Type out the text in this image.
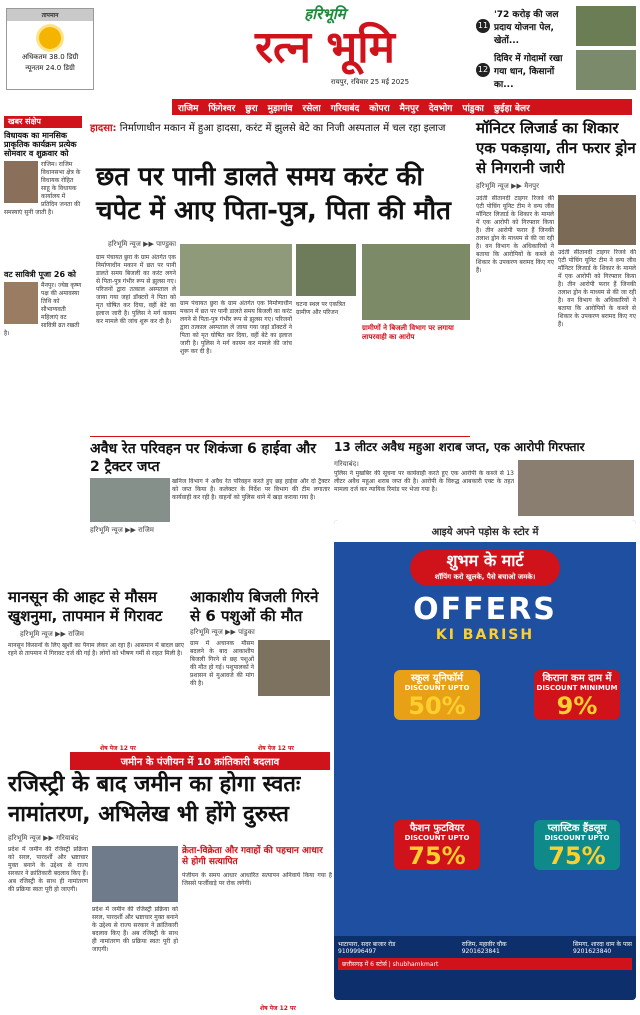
तापमान
अधिकतम 38.0 डिग्री
न्यूनतम 24.0 डिग्री
हरिभूमि
रत्न भूमि
रायपुर, रविवार 25 मई 2025
11
'72 करोड़ की जल प्रदाय योजना पेल, खेतों...
12
दिविर में गोदामों रखा गया धान, किसानों का...
राजिम फिंगेश्वर छुरा मुड़ागांव रसेला गरियाबंद कोपरा मैनपुर देवभोग पांडुका छुईहा बेलर
खबर संक्षेप
विधायक का मानसिक प्राकृतिक कार्यक्रम प्रत्येक सोमवार व शुक्रवार को

राजिम। राजिम विधानसभा क्षेत्र के विधायक रोहित साहू के विधायक कार्यालय में प्रतिदिन जनता की समस्याएं सुनी जाती है।

वट सावित्री पूजा 26 को

मैनपुर। ज्येष्ठ कृष्ण पक्ष की अमावस्या तिथि को सौभाग्यवती महिलाएं वट सावित्री व्रत रखती है।

हादसा: निर्माणाधीन मकान में हुआ हादसा, करंट में झुलसे बेटे का निजी अस्पताल में चल रहा इलाज
छत पर पानी डालते समय करंट की
चपेट में आए पिता-पुत्र, पिता की मौत
हरिभूमि न्यूज ▶▶ पाण्डुका
ग्राम पंचायत छुरा के ग्राम अंतर्गत एक निर्माणाधीन मकान में छत पर पानी डालते समय बिजली का करंट लगने से पिता-पुत्र गंभीर रूप से झुलस गए। परिजनों द्वारा तत्काल अस्पताल ले जाया गया जहां डॉक्टरों ने पिता को मृत घोषित कर दिया, वहीं बेटे का इलाज जारी है। पुलिस ने मर्ग कायम कर मामले की जांच शुरू कर दी है।
ग्राम पंचायत छुरा के ग्राम अंतर्गत एक निर्माणाधीन मकान में छत पर पानी डालते समय बिजली का करंट लगने से पिता-पुत्र गंभीर रूप से झुलस गए। परिजनों द्वारा तत्काल अस्पताल ले जाया गया जहां डॉक्टरों ने पिता को मृत घोषित कर दिया, वहीं बेटे का इलाज जारी है। पुलिस ने मर्ग कायम कर मामले की जांच शुरू कर दी है।
घटना स्थल पर एकत्रित ग्रामीण और परिजन
ग्रामीणों ने बिजली विभाग पर लगाया लापरवाही का आरोप
मॉनिटर लिजार्ड का शिकार एक पकड़ाया, तीन फरार ड्रोन से निगरानी जारी
हरिभूमि न्यूज ▶▶ मैनपुर
उदंती सीतानदी टाइगर रिजर्व की एंटी पोचिंग यूनिट टीम ने वन्य जीव मॉनिटर लिजार्ड के शिकार के मामले में एक आरोपी को गिरफ्तार किया है। तीन आरोपी फरार हैं जिनकी तलाश ड्रोन के माध्यम से की जा रही है। वन विभाग के अधिकारियों ने बताया कि आरोपियों के कब्जे से शिकार के उपकरण बरामद किए गए हैं।
उदंती सीतानदी टाइगर रिजर्व की एंटी पोचिंग यूनिट टीम ने वन्य जीव मॉनिटर लिजार्ड के शिकार के मामले में एक आरोपी को गिरफ्तार किया है। तीन आरोपी फरार हैं जिनकी तलाश ड्रोन के माध्यम से की जा रही है। वन विभाग के अधिकारियों ने बताया कि आरोपियों के कब्जे से शिकार के उपकरण बरामद किए गए हैं।
अवैध रेत परिवहन पर शिकंजा 6 हाईवा और 2 ट्रैक्टर जप्त
हरिभूमि न्यूज ▶▶ राजिम
खनिज विभाग ने अवैध रेत परिवहन करते हुए छह हाईवा और दो ट्रैक्टर को जप्त किया है। कलेक्टर के निर्देश पर विभाग की टीम लगातार कार्यवाही कर रही है। वाहनों को पुलिस थाने में खड़ा कराया गया है।
13 लीटर अवैध महुआ शराब जप्त, एक आरोपी गिरफ्तार
गरियाबंद।
पुलिस ने मुखबिर की सूचना पर कार्यवाही करते हुए एक आरोपी के कब्जे से 13 लीटर अवैध महुआ शराब जप्त की है। आरोपी के विरुद्ध आबकारी एक्ट के तहत मामला दर्ज कर न्यायिक रिमांड पर भेजा गया है।
मानसून की आहट से मौसम खुशनुमा, तापमान में गिरावट
हरिभूमि न्यूज ▶▶ राजिम
मानसून किसानों के लिए खुशी का पैगाम लेकर आ रहा है। आसमान में बादल छाए रहने से तापमान में गिरावट दर्ज की गई है। लोगों को भीषण गर्मी से राहत मिली है।
शेष पेज 12 पर
आकाशीय बिजली गिरने से 6 पशुओं की मौत
हरिभूमि न्यूज ▶▶ पांडुका
ग्राम में अचानक मौसम बदलने के बाद आकाशीय बिजली गिरने से छह पशुओं की मौत हो गई। पशुपालकों ने प्रशासन से मुआवजे की मांग की है।
शेष पेज 12 पर
जमीन के पंजीयन में 10 क्रांतिकारी बदलाव
रजिस्ट्री के बाद जमीन का होगा स्वतः
नामांतरण, अभिलेख भी होंगे दुरुस्त
हरिभूमि न्यूज ▶▶ गरियाबंद
प्रदेश में जमीन की रजिस्ट्री प्रक्रिया को सरल, पारदर्शी और भ्रष्टाचार मुक्त बनाने के उद्देश्य से राज्य सरकार ने क्रांतिकारी बदलाव किए हैं। अब रजिस्ट्री के साथ ही नामांतरण की प्रक्रिया स्वतः पूरी हो जाएगी।
प्रदेश में जमीन की रजिस्ट्री प्रक्रिया को सरल, पारदर्शी और भ्रष्टाचार मुक्त बनाने के उद्देश्य से राज्य सरकार ने क्रांतिकारी बदलाव किए हैं। अब रजिस्ट्री के साथ ही नामांतरण की प्रक्रिया स्वतः पूरी हो जाएगी।
क्रेता-विक्रेता और गवाहों की पहचान आधार से होगी सत्यापित
पंजीयन के समय आधार आधारित सत्यापन अनिवार्य किया गया है जिससे फर्जीवाड़े पर रोक लगेगी।
शेष पेज 12 पर
आइये अपने पड़ोस के स्टोर में
शुभम के मार्ट
शॉपिंग करो खुलके, पैसे बचाओ जमके।
OFFERS
KI BARISH
स्कूल यूनिफॉर्म
DISCOUNT UPTO
50%
किराना कम दाम में
DISCOUNT MINIMUM
9%
फैशन फुटवियर
DISCOUNT UPTO
75%
प्लास्टिक हैंडलूम
DISCOUNT UPTO
75%
भाटापारा, सदर बाजार रोड
9109996497
राजिम, महावीर चौक
9201623841
सिमगा, शारदा धाम के पास
9201623840
छत्तीसगढ़ में 6 स्टोर्स | shubhamkmart
